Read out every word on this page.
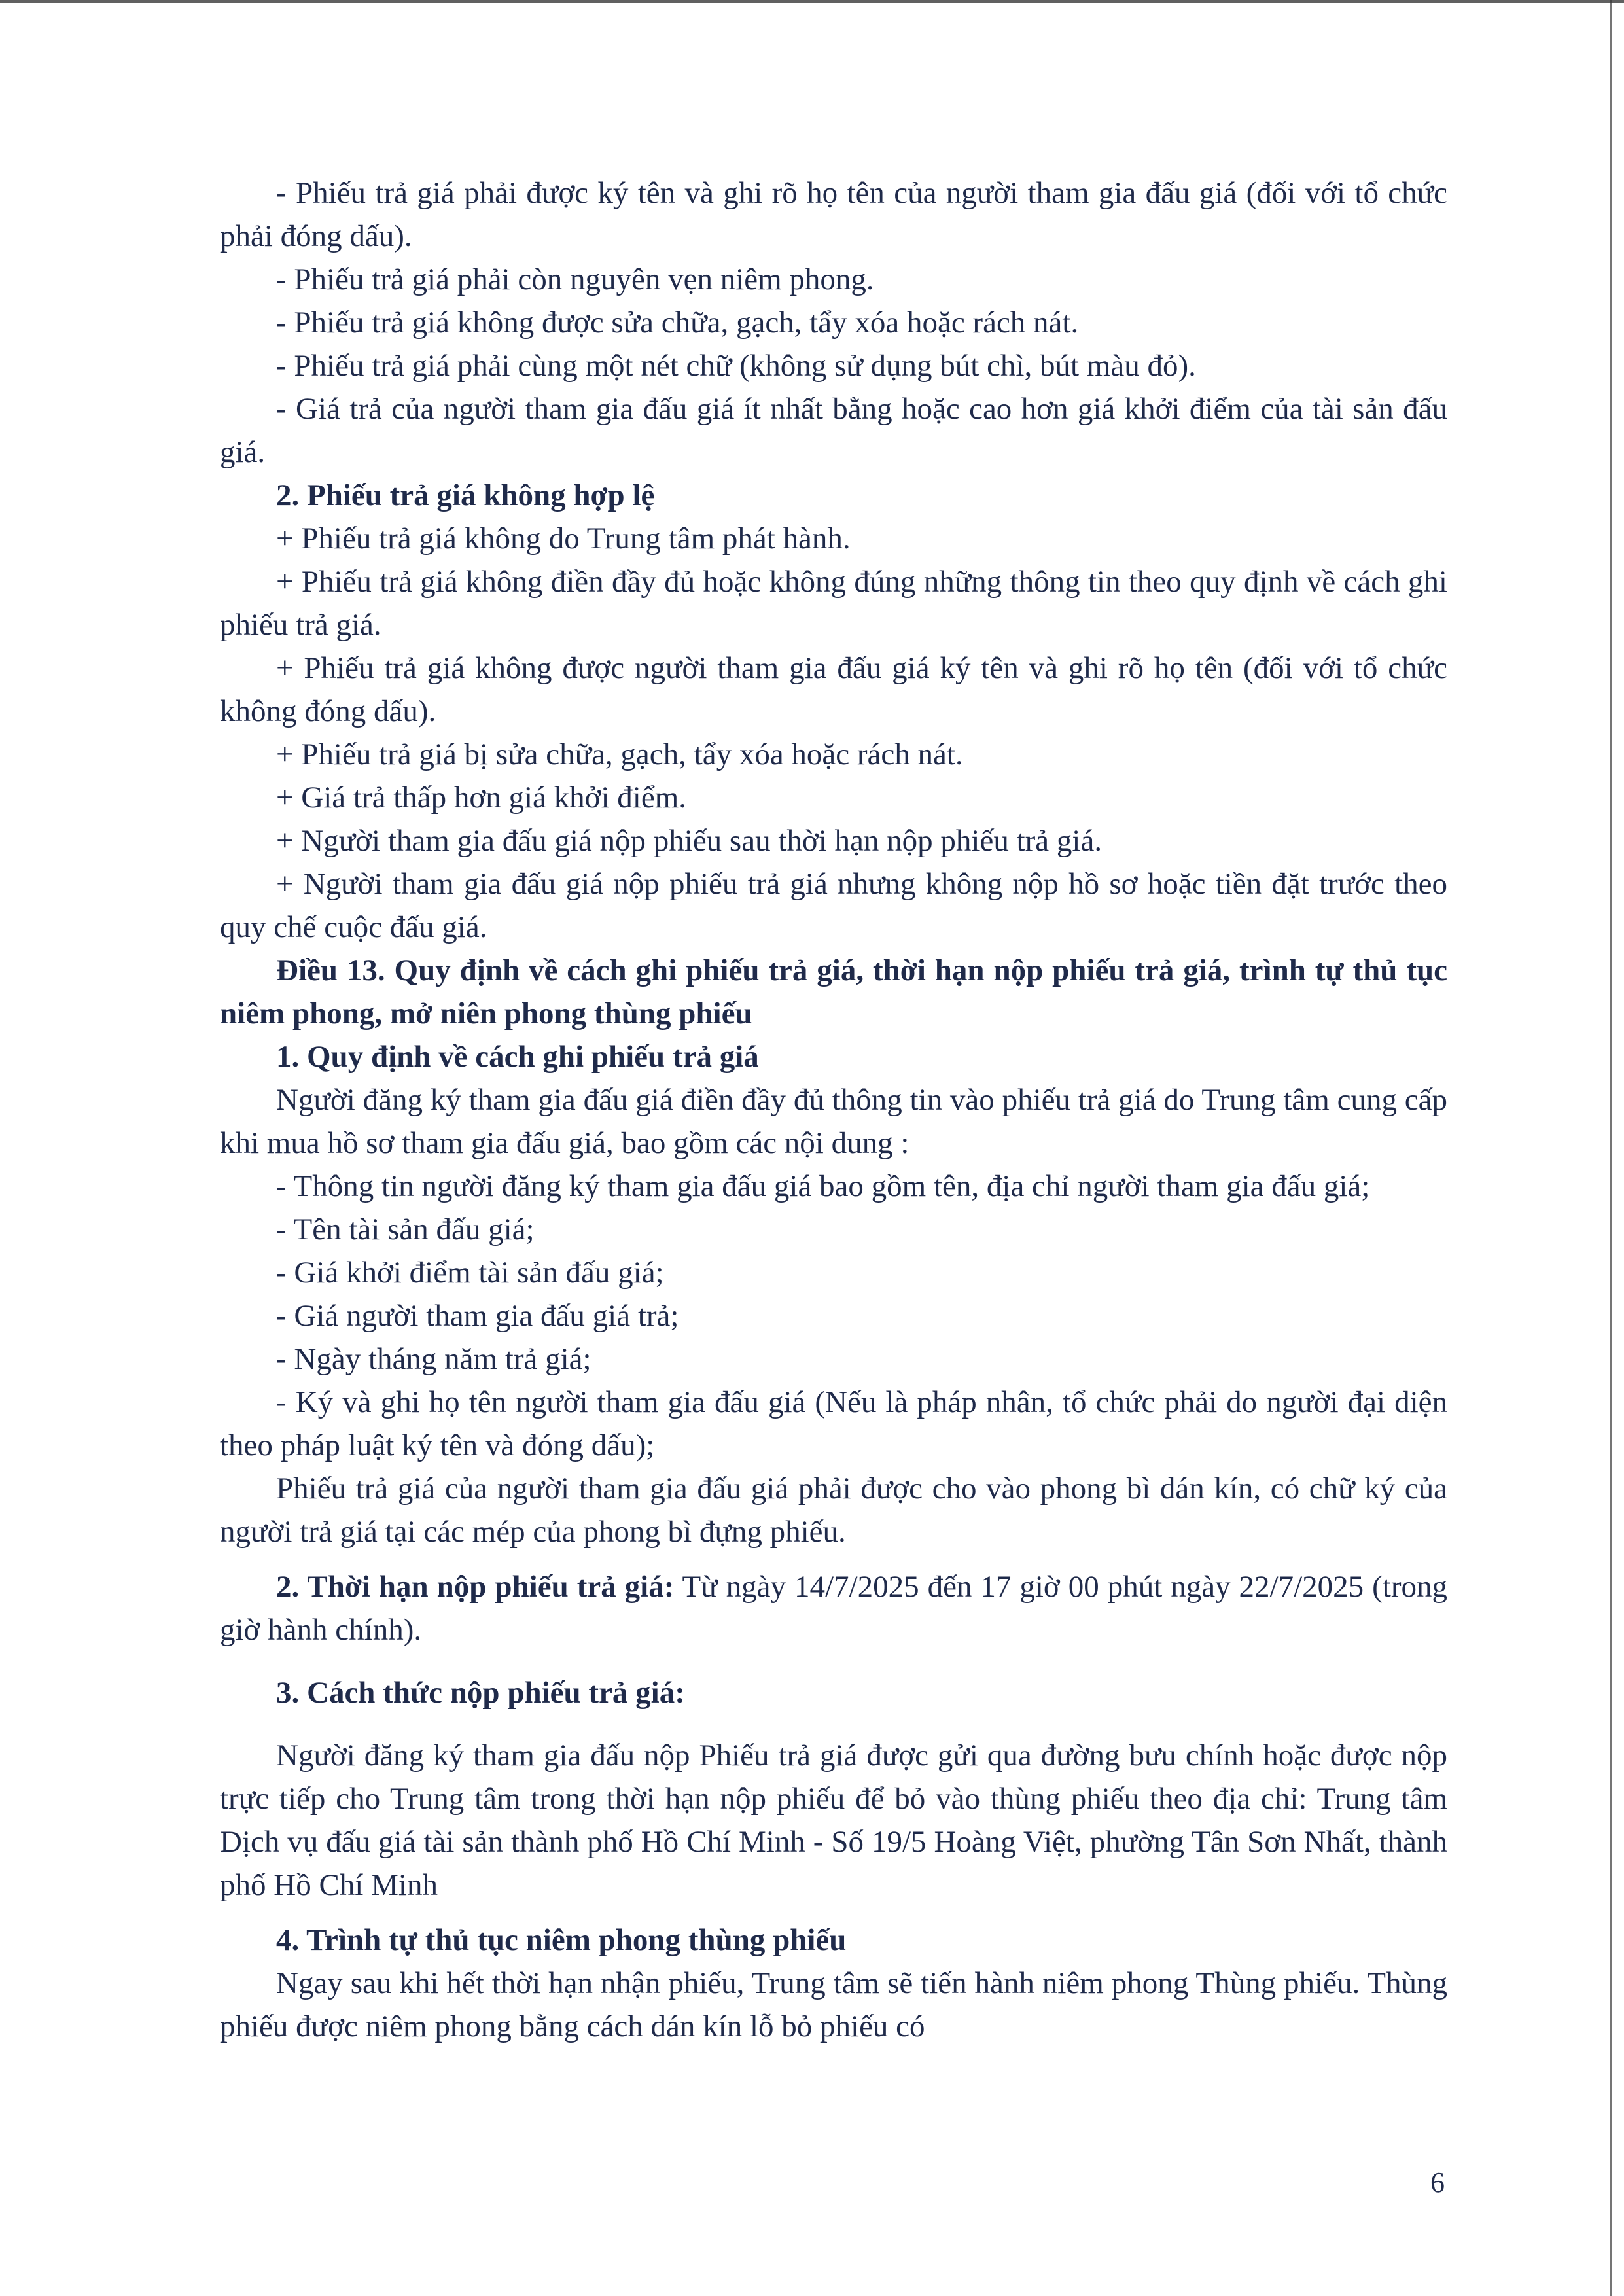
- Phiếu trả giá phải được ký tên và ghi rõ họ tên của người tham gia đấu giá (đối với tổ chức phải đóng dấu).

- Phiếu trả giá phải còn nguyên vẹn niêm phong.

- Phiếu trả giá không được sửa chữa, gạch, tẩy xóa hoặc rách nát.

- Phiếu trả giá phải cùng một nét chữ (không sử dụng bút chì, bút màu đỏ).

- Giá trả của người tham gia đấu giá ít nhất bằng hoặc cao hơn giá khởi điểm của tài sản đấu giá.

2. Phiếu trả giá không hợp lệ

+ Phiếu trả giá không do Trung tâm phát hành.

+ Phiếu trả giá không điền đầy đủ hoặc không đúng những thông tin theo quy định về cách ghi phiếu trả giá.

+ Phiếu trả giá không được người tham gia đấu giá ký tên và ghi rõ họ tên (đối với tổ chức không đóng dấu).

+ Phiếu trả giá bị sửa chữa, gạch, tẩy xóa hoặc rách nát.

+ Giá trả thấp hơn giá khởi điểm.

+ Người tham gia đấu giá nộp phiếu sau thời hạn nộp phiếu trả giá.

+ Người tham gia đấu giá nộp phiếu trả giá nhưng không nộp hồ sơ hoặc tiền đặt trước theo quy chế cuộc đấu giá.

Điều 13. Quy định về cách ghi phiếu trả giá, thời hạn nộp phiếu trả giá, trình tự thủ tục niêm phong, mở niên phong thùng phiếu

1. Quy định về cách ghi phiếu trả giá

Người đăng ký tham gia đấu giá điền đầy đủ thông tin vào phiếu trả giá do Trung tâm cung cấp khi mua hồ sơ tham gia đấu giá, bao gồm các nội dung :

- Thông tin người đăng ký tham gia đấu giá bao gồm tên, địa chỉ người tham gia đấu giá;

- Tên tài sản đấu giá;

- Giá khởi điểm tài sản đấu giá;

- Giá người tham gia đấu giá trả;

- Ngày tháng năm trả giá;

- Ký và ghi họ tên người tham gia đấu giá (Nếu là pháp nhân, tổ chức phải do người đại diện theo pháp luật ký tên và đóng dấu);

Phiếu trả giá của người tham gia đấu giá phải được cho vào phong bì dán kín, có chữ ký của người trả giá tại các mép của phong bì đựng phiếu.

2. Thời hạn nộp phiếu trả giá: Từ ngày 14/7/2025 đến 17 giờ 00 phút ngày 22/7/2025 (trong giờ hành chính).

3. Cách thức nộp phiếu trả giá:

Người đăng ký tham gia đấu nộp Phiếu trả giá được gửi qua đường bưu chính hoặc được nộp trực tiếp cho Trung tâm trong thời hạn nộp phiếu để bỏ vào thùng phiếu theo địa chỉ: Trung tâm Dịch vụ đấu giá tài sản thành phố Hồ Chí Minh - Số 19/5 Hoàng Việt, phường Tân Sơn Nhất, thành phố Hồ Chí Minh

4. Trình tự thủ tục niêm phong thùng phiếu

Ngay sau khi hết thời hạn nhận phiếu, Trung tâm sẽ tiến hành niêm phong Thùng phiếu. Thùng phiếu được niêm phong bằng cách dán kín lỗ bỏ phiếu có

6
